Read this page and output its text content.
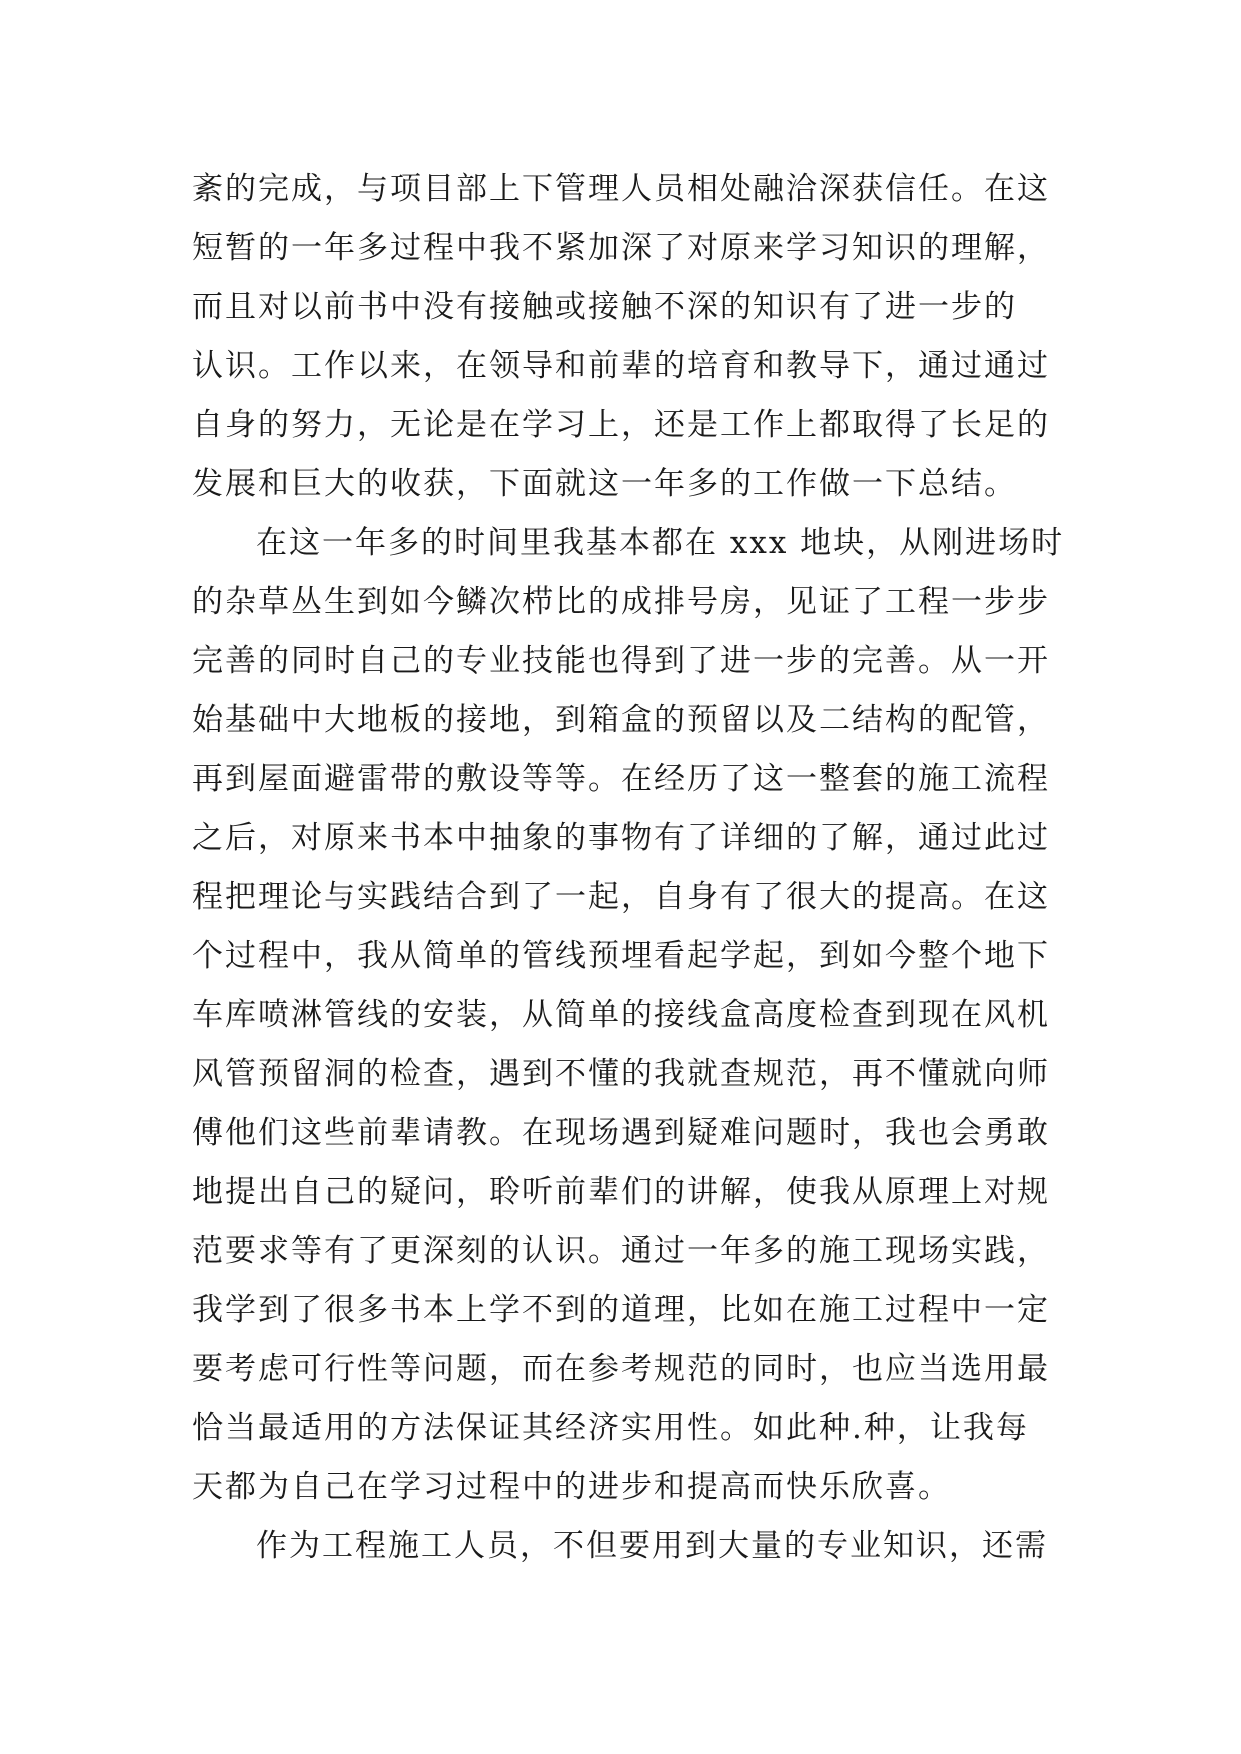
紊的完成，与项目部上下管理人员相处融洽深获信任。在这

短暂的一年多过程中我不紧加深了对原来学习知识的理解，

而且对以前书中没有接触或接触不深的知识有了进一步的

认识。工作以来，在领导和前辈的培育和教导下，通过通过

自身的努力，无论是在学习上，还是工作上都取得了长足的

发展和巨大的收获，下面就这一年多的工作做一下总结。

在这一年多的时间里我基本都在 xxx 地块，从刚进场时

的杂草丛生到如今鳞次栉比的成排号房，见证了工程一步步

完善的同时自己的专业技能也得到了进一步的完善。从一开

始基础中大地板的接地，到箱盒的预留以及二结构的配管，

再到屋面避雷带的敷设等等。在经历了这一整套的施工流程

之后，对原来书本中抽象的事物有了详细的了解，通过此过

程把理论与实践结合到了一起，自身有了很大的提高。在这

个过程中，我从简单的管线预埋看起学起，到如今整个地下

车库喷淋管线的安装，从简单的接线盒高度检查到现在风机

风管预留洞的检查，遇到不懂的我就查规范，再不懂就向师

傅他们这些前辈请教。在现场遇到疑难问题时，我也会勇敢

地提出自己的疑问，聆听前辈们的讲解，使我从原理上对规

范要求等有了更深刻的认识。通过一年多的施工现场实践，

我学到了很多书本上学不到的道理，比如在施工过程中一定

要考虑可行性等问题，而在参考规范的同时，也应当选用最

恰当最适用的方法保证其经济实用性。如此种.种，让我每

天都为自己在学习过程中的进步和提高而快乐欣喜。

作为工程施工人员，不但要用到大量的专业知识，还需
